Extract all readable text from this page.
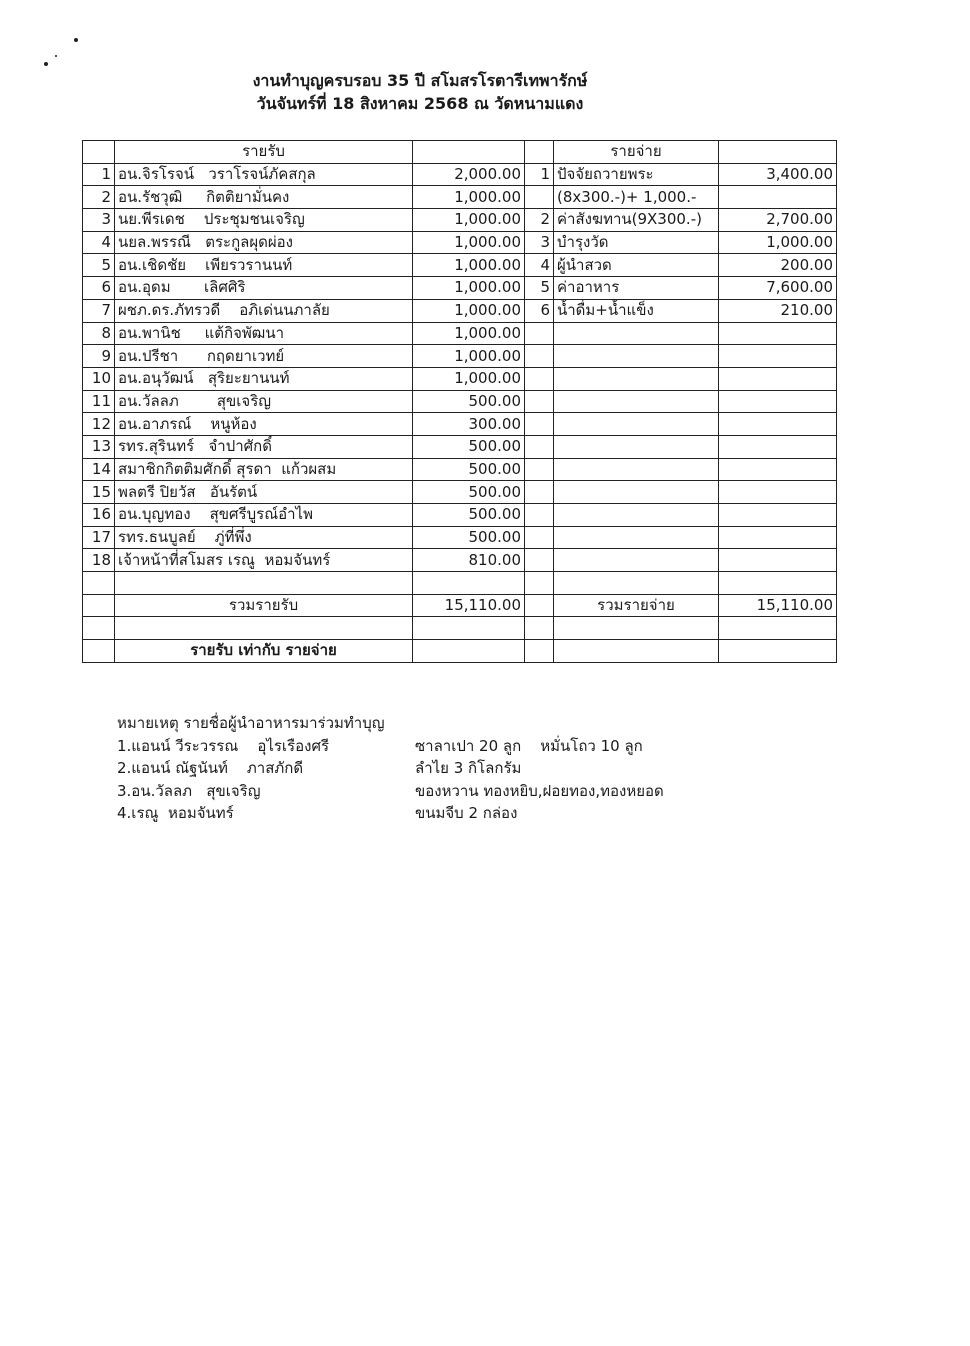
งานทำบุญครบรอบ 35 ปี สโมสรโรตารีเทพารักษ์
วันจันทร์ที่ 18 สิงหาคม 2568 ณ วัดหนามแดง
	รายรับ			รายจ่าย	
1	อน.จิรโรจน์   วราโรจน์ภัคสกุล	2,000.00	1	ปัจจัยถวายพระ	3,400.00
2	อน.รัชวุฒิ     กิตติยามั่นคง	1,000.00		(8x300.-)+ 1,000.-	
3	นย.พีรเดช    ประชุมชนเจริญ	1,000.00	2	ค่าสังฆทาน(9X300.-)	2,700.00
4	นยล.พรรณี   ตระกูลผุดผ่อง	1,000.00	3	บำรุงวัด	1,000.00
5	อน.เชิดชัย    เพียรวรานนท์	1,000.00	4	ผู้นำสวด	200.00
6	อน.อุดม       เลิศศิริ	1,000.00	5	ค่าอาหาร	7,600.00
7	ผชภ.ดร.ภัทรวดี    อภิเด่นนภาลัย	1,000.00	6	น้ำดื่ม+น้ำแข็ง	210.00
8	อน.พานิช     แต้กิจพัฒนา	1,000.00			
9	อน.ปรีชา      กฤดยาเวทย์	1,000.00			
10	อน.อนุวัฒน์   สุริยะยานนท์	1,000.00			
11	อน.วัลลภ        สุขเจริญ	500.00			
12	อน.อาภรณ์    หนูห้อง	300.00			
13	รทร.สุรินทร์   จำปาศักดิ์	500.00			
14	สมาชิกกิตติมศักดิ์ สุรดา  แก้วผสม	500.00			
15	พลตรี ปิยวัส   อันรัตน์	500.00			
16	อน.บุญทอง    สุขศรีบูรณ์อำไพ	500.00			
17	รทร.ธนบูลย์    ภู่ที่พึ่ง	500.00			
18	เจ้าหน้าที่สโมสร เรณู  หอมจันทร์	810.00			

	รวมรายรับ	15,110.00		รวมรายจ่าย	15,110.00

	รายรับ เท่ากับ รายจ่าย				
หมายเหตุ รายชื่อผู้นำอาหารมาร่วมทำบุญ
1.แอนน์ วีระวรรณ    อุไรเรืองศรี	ซาลาเปา 20 ลูก    หมั่นโถว 10 ลูก
2.แอนน์ ณัฐนันท์    ภาสภักดี	ลำไย 3 กิโลกรัม
3.อน.วัลลภ   สุขเจริญ	ของหวาน ทองหยิบ,ฝอยทอง,ทองหยอด
4.เรณู  หอมจันทร์	ขนมจีบ 2 กล่อง
